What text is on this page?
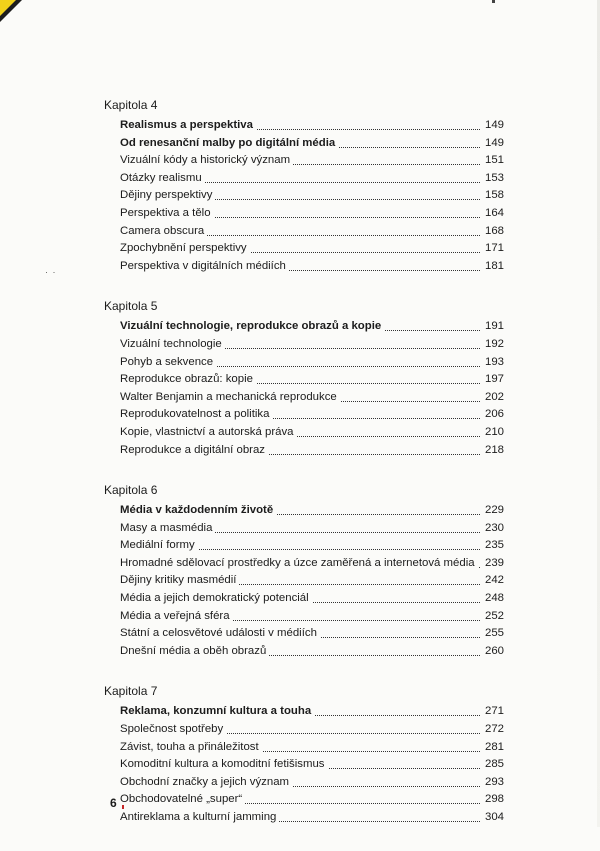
· ·
Kapitola 4
Realismus a perspektiva	149
Od renesanční malby po digitální média	149
Vizuální kódy a historický význam	151
Otázky realismu	153
Dějiny perspektivy	158
Perspektiva a tělo	164
Camera obscura	168
Zpochybnění perspektivy	171
Perspektiva v digitálních médiích	181
Kapitola 5
Vizuální technologie, reprodukce obrazů a kopie	191
Vizuální technologie	192
Pohyb a sekvence	193
Reprodukce obrazů: kopie	197
Walter Benjamin a mechanická reprodukce	202
Reprodukovatelnost a politika	206
Kopie, vlastnictví a autorská práva	210
Reprodukce a digitální obraz	218
Kapitola 6
Média v každodenním životě	229
Masy a masmédia	230
Mediální formy	235
Hromadné sdělovací prostředky a úzce zaměřená a internetová média 239
Dějiny kritiky masmédií	242
Média a jejich demokratický potenciál	248
Média a veřejná sféra	252
Státní a celosvětové události v médiích	255
Dnešní média a oběh obrazů	260
Kapitola 7
Reklama, konzumní kultura a touha	271
Společnost spotřeby	272
Závist, touha a přináležitost	281
Komoditní kultura a komoditní fetišismus	285
Obchodní značky a jejich význam	293
Obchodovatelné „super“	298
Antireklama a kulturní jamming	304
6
